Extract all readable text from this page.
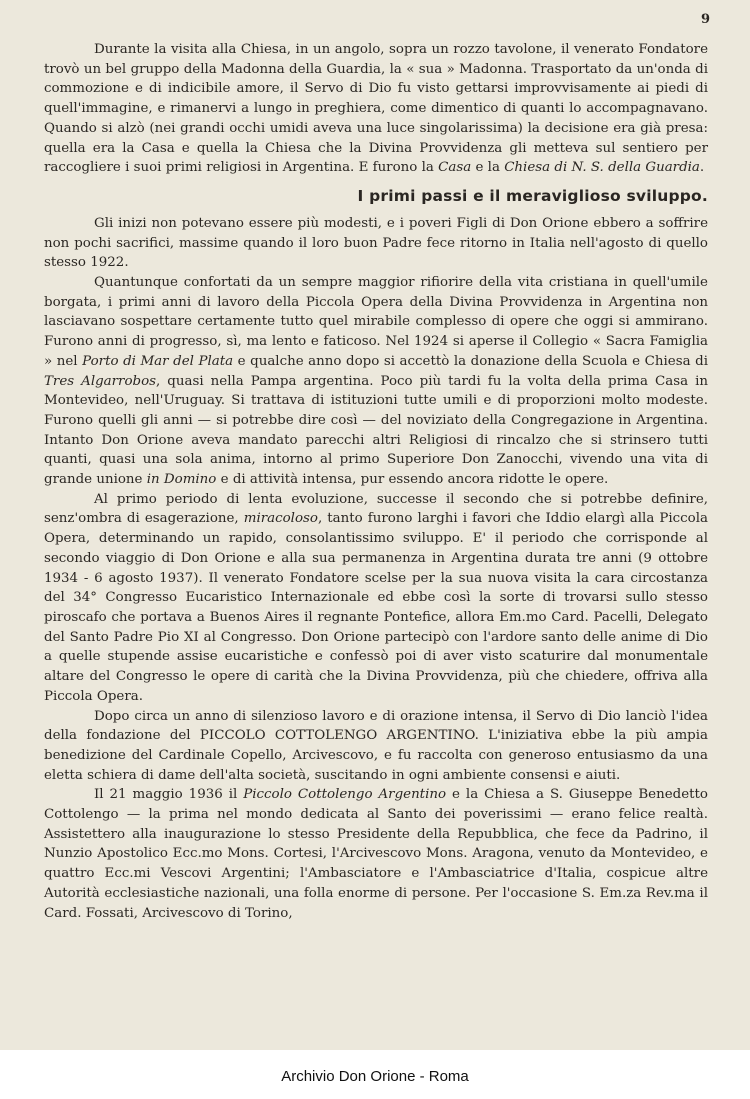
9

Durante la visita alla Chiesa, in un angolo, sopra un rozzo tavolone, il venerato Fondatore trovò un bel gruppo della Madonna della Guardia, la « sua » Madonna. Trasportato da un'onda di commozione e di indicibile amore, il Servo di Dio fu visto gettarsi improvvisamente ai piedi di quell'immagine, e rimanervi a lungo in preghiera, come dimentico di quanti lo accompagnavano. Quando si alzò (nei grandi occhi umidi aveva una luce singolarissima) la decisione era già presa: quella era la Casa e quella la Chiesa che la Divina Provvidenza gli metteva sul sentiero per raccogliere i suoi primi religiosi in Argentina. E furono la Casa e la Chiesa di N. S. della Guardia.

I primi passi e il meraviglioso sviluppo.

Gli inizi non potevano essere più modesti, e i poveri Figli di Don Orione ebbero a soffrire non pochi sacrifici, massime quando il loro buon Padre fece ritorno in Italia nell'agosto di quello stesso 1922.

Quantunque confortati da un sempre maggior rifiorire della vita cristiana in quell'umile borgata, i primi anni di lavoro della Piccola Opera della Divina Provvidenza in Argentina non lasciavano sospettare certamente tutto quel mirabile complesso di opere che oggi si ammirano. Furono anni di progresso, sì, ma lento e faticoso. Nel 1924 si aperse il Collegio « Sacra Famiglia » nel Porto di Mar del Plata e qualche anno dopo si accettò la donazione della Scuola e Chiesa di Tres Algarrobos, quasi nella Pampa argentina. Poco più tardi fu la volta della prima Casa in Montevideo, nell'Uruguay. Si trattava di istituzioni tutte umili e di proporzioni molto modeste. Furono quelli gli anni — si potrebbe dire così — del noviziato della Congregazione in Argentina. Intanto Don Orione aveva mandato parecchi altri Religiosi di rincalzo che si strinsero tutti quanti, quasi una sola anima, intorno al primo Superiore Don Zanocchi, vivendo una vita di grande unione in Domino e di attività intensa, pur essendo ancora ridotte le opere.

Al primo periodo di lenta evoluzione, successe il secondo che si potrebbe definire, senz'ombra di esagerazione, miracoloso, tanto furono larghi i favori che Iddio elargì alla Piccola Opera, determinando un rapido, consolantissimo sviluppo. E' il periodo che corrisponde al secondo viaggio di Don Orione e alla sua permanenza in Argentina durata tre anni (9 ottobre 1934 - 6 agosto 1937). Il venerato Fondatore scelse per la sua nuova visita la cara circostanza del 34° Congresso Eucaristico Internazionale ed ebbe così la sorte di trovarsi sullo stesso piroscafo che portava a Buenos Aires il regnante Pontefice, allora Em.mo Card. Pacelli, Delegato del Santo Padre Pio XI al Congresso. Don Orione partecipò con l'ardore santo delle anime di Dio a quelle stupende assise eucaristiche e confessò poi di aver visto scaturire dal monumentale altare del Congresso le opere di carità che la Divina Provvidenza, più che chiedere, offriva alla Piccola Opera.

Dopo circa un anno di silenzioso lavoro e di orazione intensa, il Servo di Dio lanciò l'idea della fondazione del PICCOLO COTTOLENGO ARGENTINO. L'iniziativa ebbe la più ampia benedizione del Cardinale Copello, Arcivescovo, e fu raccolta con generoso entusiasmo da una eletta schiera di dame dell'alta società, suscitando in ogni ambiente consensi e aiuti.

Il 21 maggio 1936 il Piccolo Cottolengo Argentino e la Chiesa a S. Giuseppe Benedetto Cottolengo — la prima nel mondo dedicata al Santo dei poverissimi — erano felice realtà. Assistettero alla inaugurazione lo stesso Presidente della Repubblica, che fece da Padrino, il Nunzio Apostolico Ecc.mo Mons. Cortesi, l'Arcivescovo Mons. Aragona, venuto da Montevideo, e quattro Ecc.mi Vescovi Argentini; l'Ambasciatore e l'Ambasciatrice d'Italia, cospicue altre Autorità ecclesiastiche nazionali, una folla enorme di persone. Per l'occasione S. Em.za Rev.ma il Card. Fossati, Arcivescovo di Torino,

Archivio Don Orione - Roma
